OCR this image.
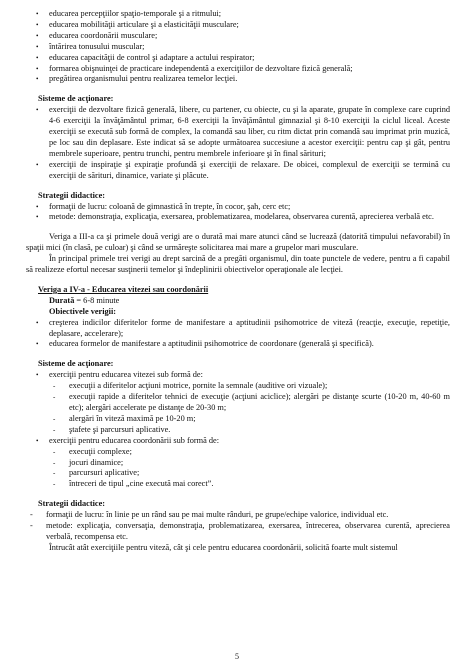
• educarea percepţiilor spaţio-temporale şi a ritmului;
• educarea mobilităţii articulare şi a elasticităţii musculare;
• educarea coordonării musculare;
• întărirea tonusului muscular;
• educarea capacităţii de control şi adaptare a actului respirator;
• formarea obişnuinţei de practicare independentă a exerciţiilor de dezvoltare fizică generală;
• pregătirea organismului pentru realizarea temelor lecţiei.
Sisteme de acţionare:
• exerciţii de dezvoltare fizică generală, libere, cu partener, cu obiecte, cu şi la aparate, grupate în complexe care cuprind 4-6 exerciţii la învăţământul primar, 6-8 exerciţii la învăţământul gimnazial şi 8-10 exerciţii la ciclul liceal. Aceste exerciţii se execută sub formă de complex, la comandă sau liber, cu ritm dictat prin comandă sau imprimat prin muzică, pe loc sau din deplasare. Este indicat să se adopte următoarea succesiune a acestor exerciţii: pentru cap şi gât, pentru membrele superioare, pentru trunchi, pentru membrele inferioare şi în final sărituri;
• exerciţii de inspiraţie şi expiraţie profundă şi exerciţii de relaxare. De obicei, complexul de exerciţii se termină cu exerciţii de sărituri, dinamice, variate şi plăcute.
Strategii didactice:
• formaţii de lucru: coloană de gimnastică în trepte, în cocor, şah, cerc etc;
• metode: demonstraţia, explicaţia, exersarea, problematizarea, modelarea, observarea curentă, aprecierea verbală etc.

Veriga a III-a ca şi primele două verigi are o durată mai mare atunci când se lucrează (datorită timpului nefavorabil) în spaţii mici (în clasă, pe culoar) şi când se urmăreşte solicitarea mai mare a grupelor mari musculare.

În principal primele trei verigi au drept sarcină de a pregăti organismul, din toate punctele de vedere, pentru a fi capabil să realizeze efortul necesar susţinerii temelor şi îndeplinirii obiectivelor operaţionale ale lecţiei.

Veriga a IV-a - Educarea vitezei sau coordonării
Durată = 6-8 minute
Obiectivele verigii:
• creşterea indicilor diferitelor forme de manifestare a aptitudinii psihomotrice de viteză (reacţie, execuţie, repetiţie, deplasare, accelerare);
• educarea formelor de manifestare a aptitudinii psihomotrice de coordonare (generală şi specifică).
Sisteme de acţionare:
• exerciţii pentru educarea vitezei sub formă de:
- execuţii a diferitelor acţiuni motrice, pornite la semnale (auditive ori vizuale);
- execuţii rapide a diferitelor tehnici de execuţie (acţiuni aciclice); alergări pe distanţe scurte (10-20 m, 40-60 m etc); alergări accelerate pe distanţe de 20-30 m;
- alergări în viteză maximă pe 10-20 m;
- ştafete şi parcursuri aplicative.
• exerciţii pentru educarea coordonării sub formă de:
- execuţii complexe;
- jocuri dinamice;
- parcursuri aplicative;
- întreceri de tipul „cine execută mai corect”.
Strategii didactice:
- formaţii de lucru: în linie pe un rând sau pe mai multe rânduri, pe grupe/echipe valorice, individual etc.
- metode: explicaţia, conversaţia, demonstraţia, problematizarea, exersarea, întrecerea, observarea curentă, aprecierea verbală, recompensa etc.

Întrucât atât exerciţiile pentru viteză, cât şi cele pentru educarea coordonării, solicită foarte mult sistemul

5
